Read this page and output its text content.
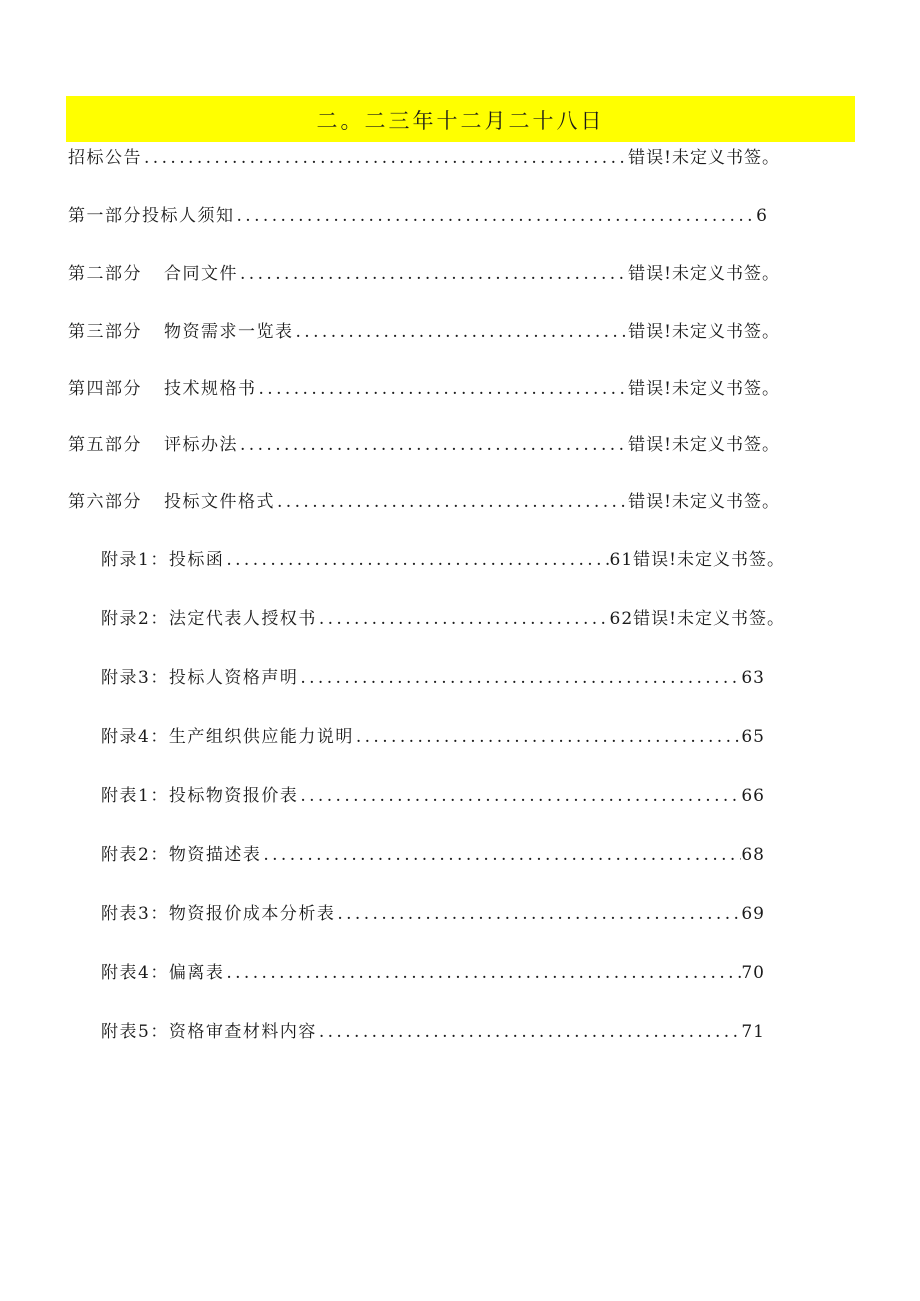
二。二三年十二月二十八日
招标公告 .....	错误!未定义书签。
第一部分投标人须知 .....	6
第二部分 合同文件 .....	错误!未定义书签。
第三部分 物资需求一览表 .....	错误!未定义书签。
第四部分 技术规格书 .....	错误!未定义书签。
第五部分 评标办法 .....	错误!未定义书签。
第六部分 投标文件格式 .....	错误!未定义书签。
附录1：投标函 .....	61错误!未定义书签。
附录2：法定代表人授权书 .....	62错误!未定义书签。
附录3：投标人资格声明 .....	63
附录4：生产组织供应能力说明 .....	65
附表1：投标物资报价表 .....	66
附表2：物资描述表 .....	68
附表3：物资报价成本分析表 .....	69
附表4：偏离表 .....	70
附表5：资格审查材料内容 .....	71
